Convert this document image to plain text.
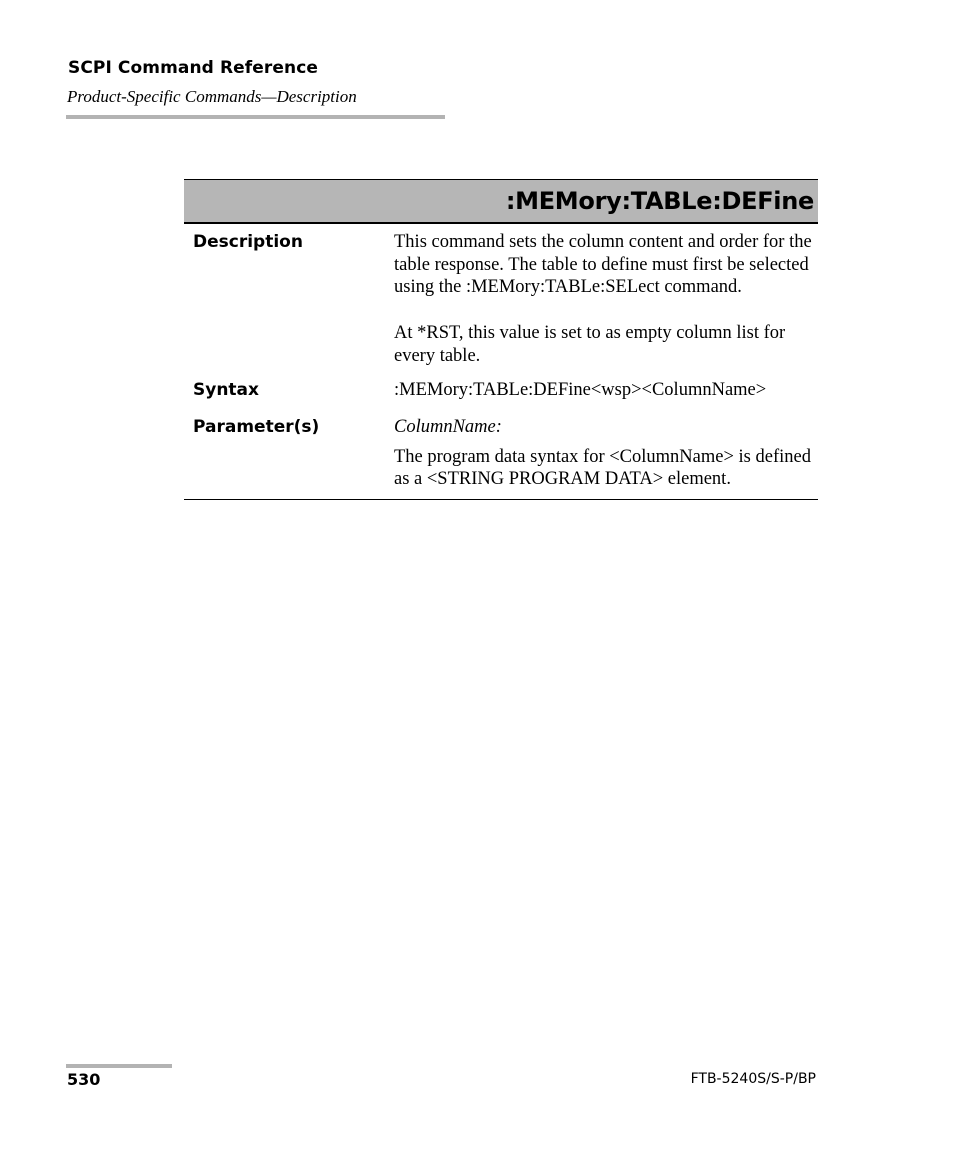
SCPI Command Reference
Product-Specific Commands—Description
:MEMory:TABLe:DEFine
Description	This command sets the column content and order for the table response. The table to define must first be selected using the :MEMory:TABLe:SELect command.

At *RST, this value is set to as empty column list for every table.

Syntax	:MEMory:TABLe:DEFine<wsp><ColumnName>

Parameter(s)	ColumnName:

The program data syntax for <ColumnName> is defined as a <STRING PROGRAM DATA> element.

530	FTB-5240S/S-P/BP
